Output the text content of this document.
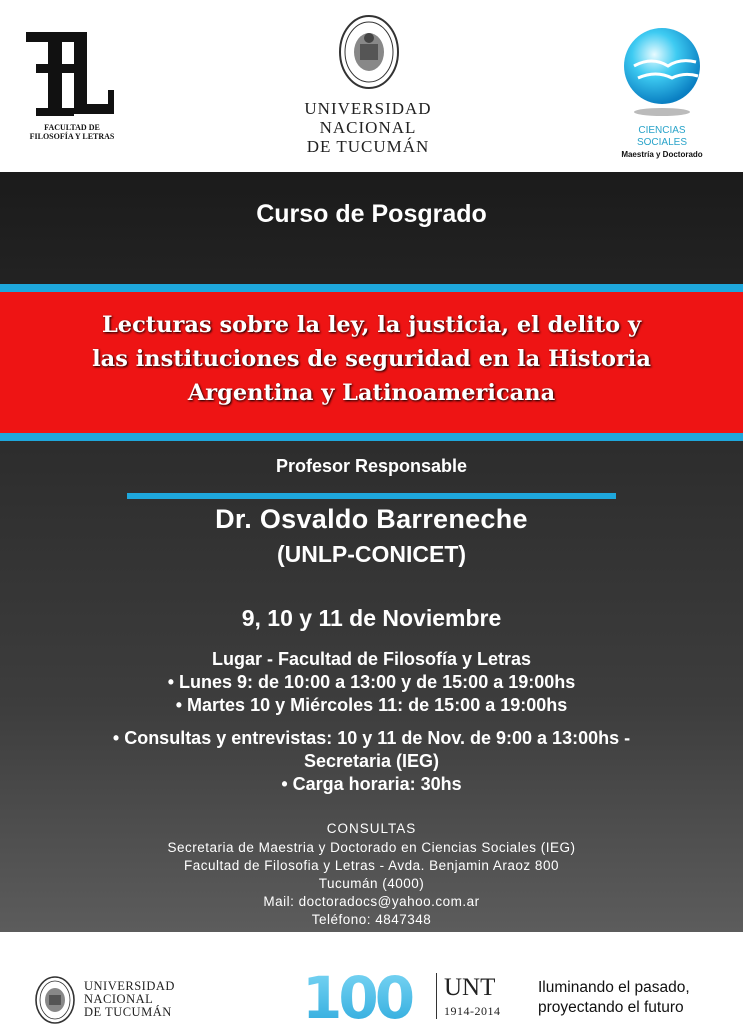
FACULTAD DE
FILOSOFÍA Y LETRAS
UNIVERSIDAD
NACIONAL
DE TUCUMÁN
CIENCIAS
SOCIALES
Maestría y Doctorado
Curso de Posgrado
Lecturas sobre la ley, la justicia, el delito y
las instituciones de seguridad en la Historia
Argentina y Latinoamericana
Profesor Responsable
Dr. Osvaldo Barreneche
(UNLP-CONICET)
9, 10 y 11 de Noviembre
Lugar - Facultad de Filosofía y Letras
• Lunes 9: de 10:00 a 13:00 y de 15:00 a 19:00hs
• Martes 10 y Miércoles 11: de 15:00 a 19:00hs
• Consultas y entrevistas: 10 y 11 de Nov. de 9:00 a 13:00hs -
Secretaria (IEG)
• Carga horaria: 30hs
CONSULTAS
Secretaria de Maestria y Doctorado en Ciencias Sociales (IEG)
Facultad de Filosofia y Letras - Avda. Benjamin Araoz 800
Tucumán (4000)
Mail: doctoradocs@yahoo.com.ar
Teléfono: 4847348
UNIVERSIDAD
NACIONAL
DE TUCUMÁN	100 UNT
1914-2014
Iluminando el pasado,
proyectando el futuro
